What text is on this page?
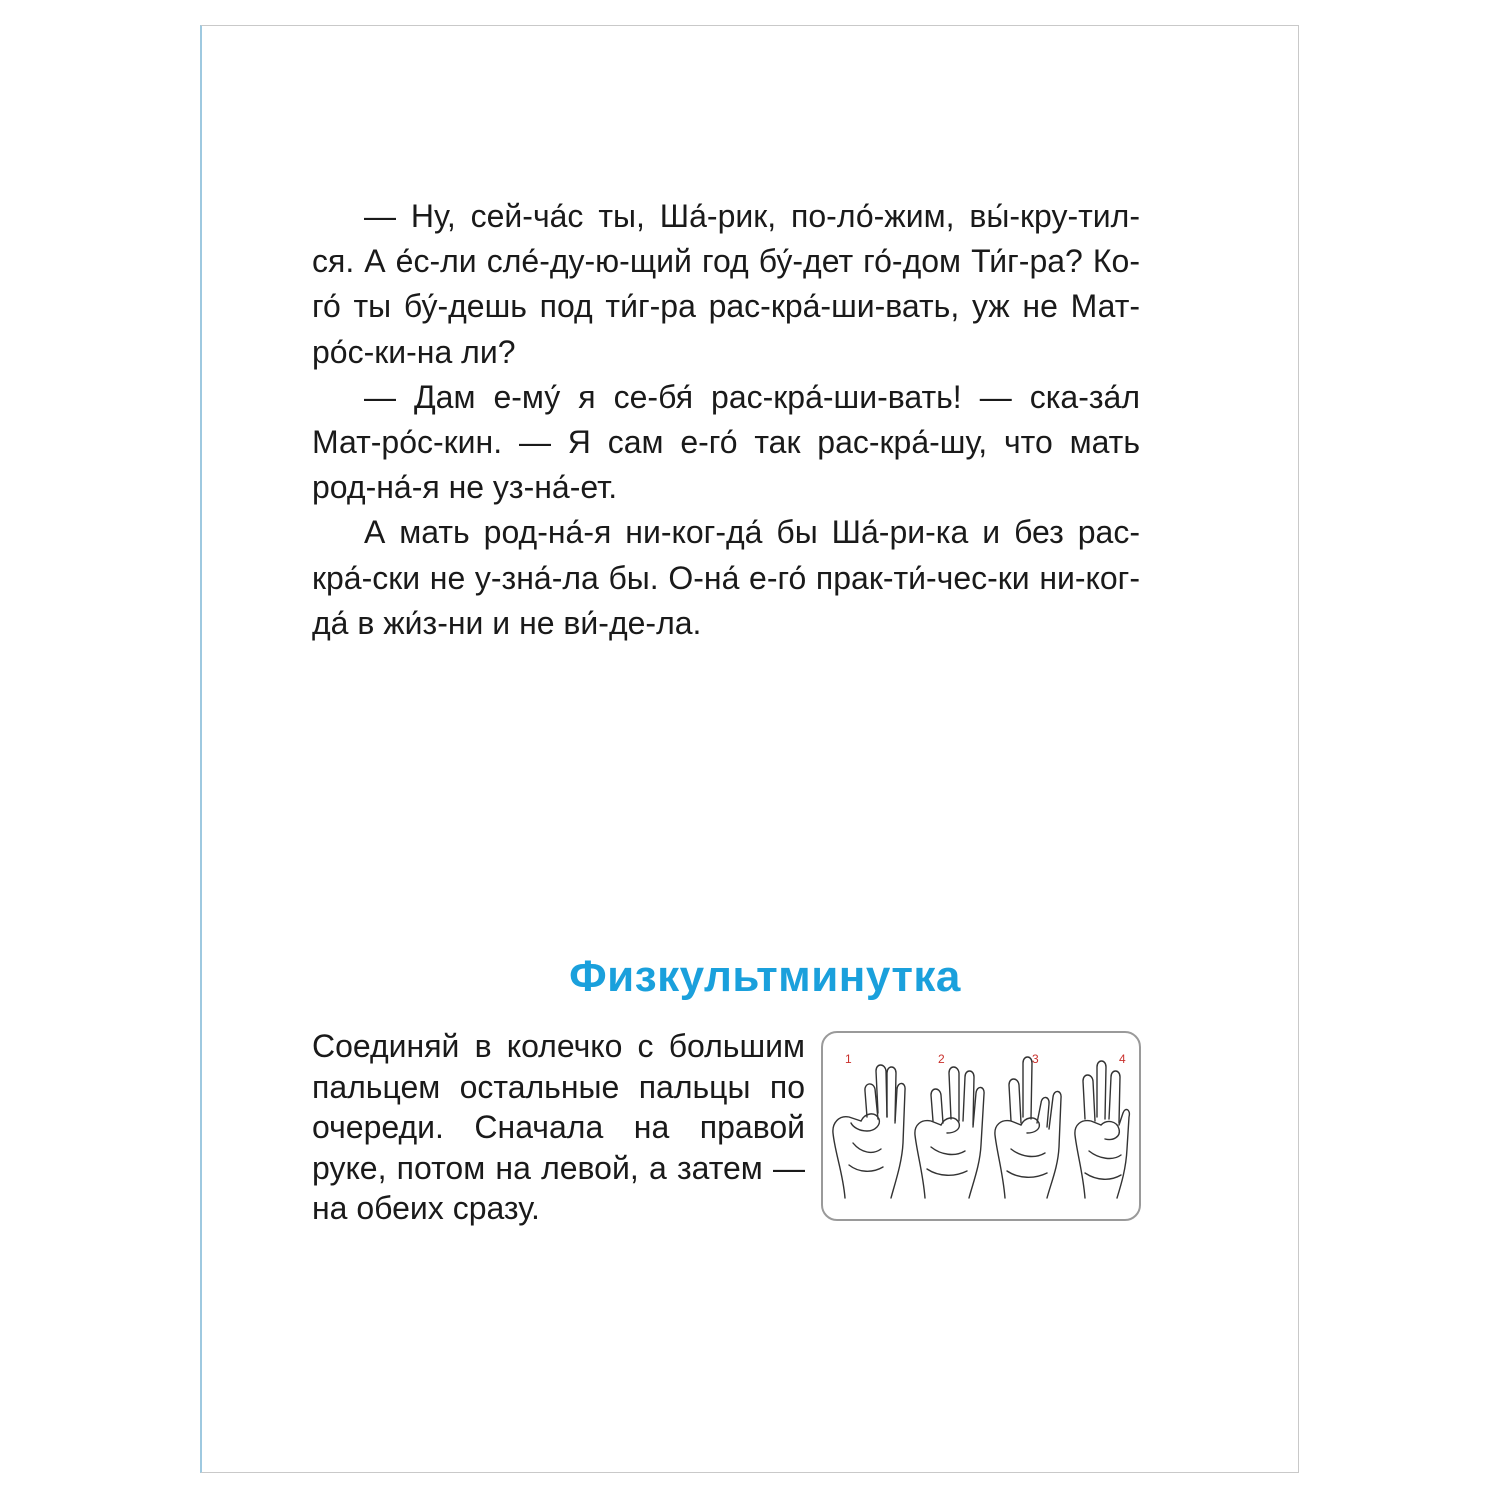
— Ну, сей-ча́с ты, Ша́-рик, по-ло́-жим, вы́-кру-тил-ся. А е́с-ли сле́-ду-ю-щий год бу́-дет го́-дом Ти́г-ра? Ко-го́ ты бу́-дешь под ти́г-ра рас-кра́-ши-вать, уж не Мат-ро́с-ки-на ли?

— Дам е-му́ я се-бя́ рас-кра́-ши-вать! — ска-за́л Мат-ро́с-кин. — Я сам е-го́ так рас-кра́-шу, что мать род-на́-я не уз-на́-ет.

А мать род-на́-я ни-ког-да́ бы Ша́-ри-ка и без рас-кра́-ски не у-зна́-ла бы. О-на́ е-го́ прак-ти́-чес-ки ни-ког-да́ в жи́з-ни и не ви́-де-ла.

Физкультминутка

Соединяй в колечко с большим пальцем остальные пальцы по очереди. Сначала на правой руке, потом на левой, а затем — на обеих сразу.

1	2	3	4
